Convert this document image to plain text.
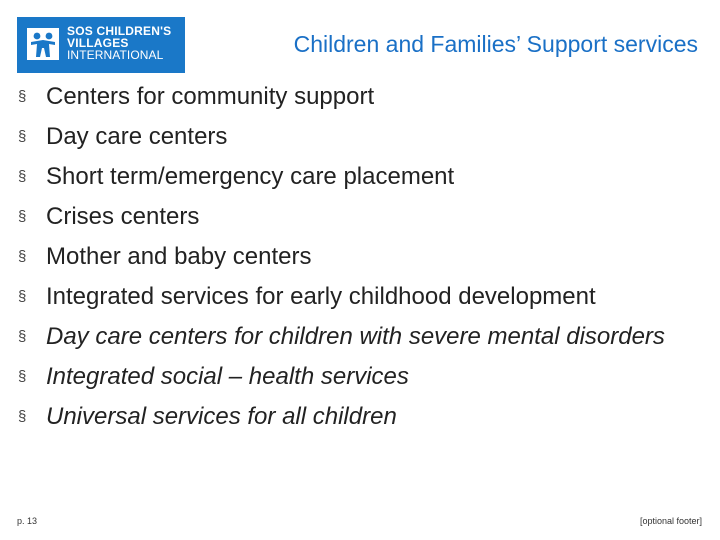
SOS CHILDREN'S
VILLAGES
INTERNATIONAL	Children and Families’ Support services
§ Centers for community support
§ Day care centers
§ Short term/emergency care placement
§ Crises centers
§ Mother and baby centers
§ Integrated services for early childhood development
§ Day care centers for children with severe mental disorders
§ Integrated social – health services
§ Universal services for all children
p. 13	[optional footer]
